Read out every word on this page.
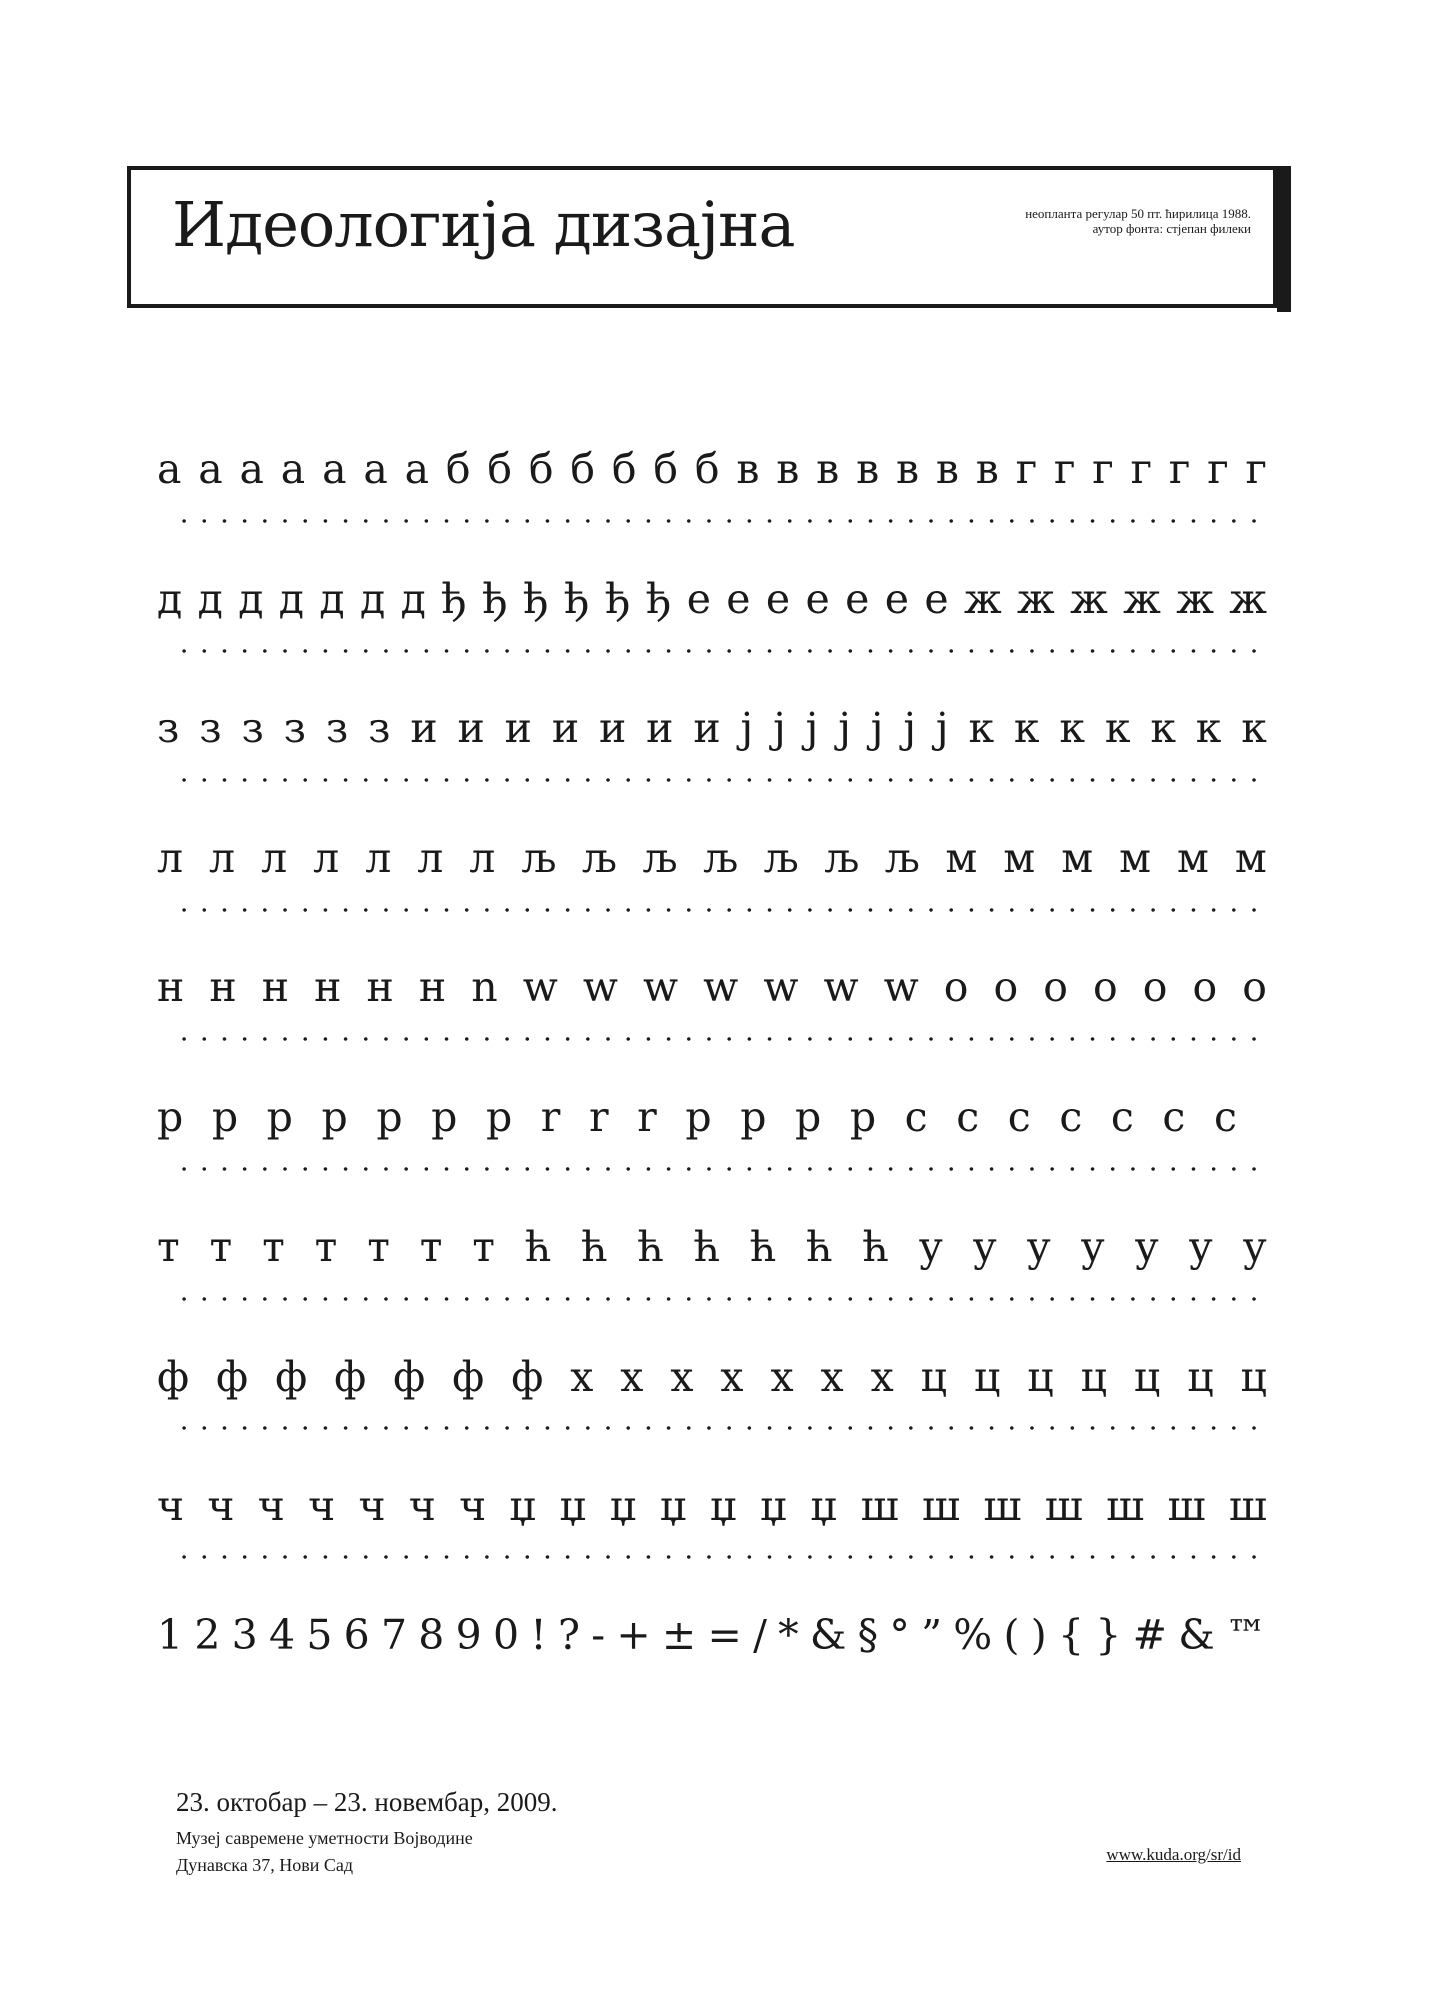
Идеологија дизајна	неопланта регулар 50 пт. ћирилица 1988.
аутор фонта: стјепан филеки
а а а а а а а б б б б б б б в в в в в в в г г г г г г г
д д д д д д д ђ ђ ђ ђ ђ ђ е е е е е е е ж ж ж ж ж ж
з з з з з з и и и и и и и ј ј ј ј ј ј ј к к к к к к к
л л л л л л л љ љ љ љ љ љ љ м м м м м м
н н н н н н n w w w w w w w о о о о о о о
p p p p p p p r r r p p p p с с с с с с с
т т т т т т т ћ ћ ћ ћ ћ ћ ћ у у у у у у у
ф ф ф ф ф ф ф х х х х х х х ц ц ц ц ц ц ц
ч ч ч ч ч ч ч џ џ џ џ џ џ џ ш ш ш ш ш ш ш
1 2 3 4 5 6 7 8 9 0 ! ? - + ± = / * & § ° ” % ( ) { } # & ™
23. октобар – 23. новембар, 2009.
Музеј савремене уметности Војводине
Дунавска 37, Нови Сад
www.kuda.org/sr/id
